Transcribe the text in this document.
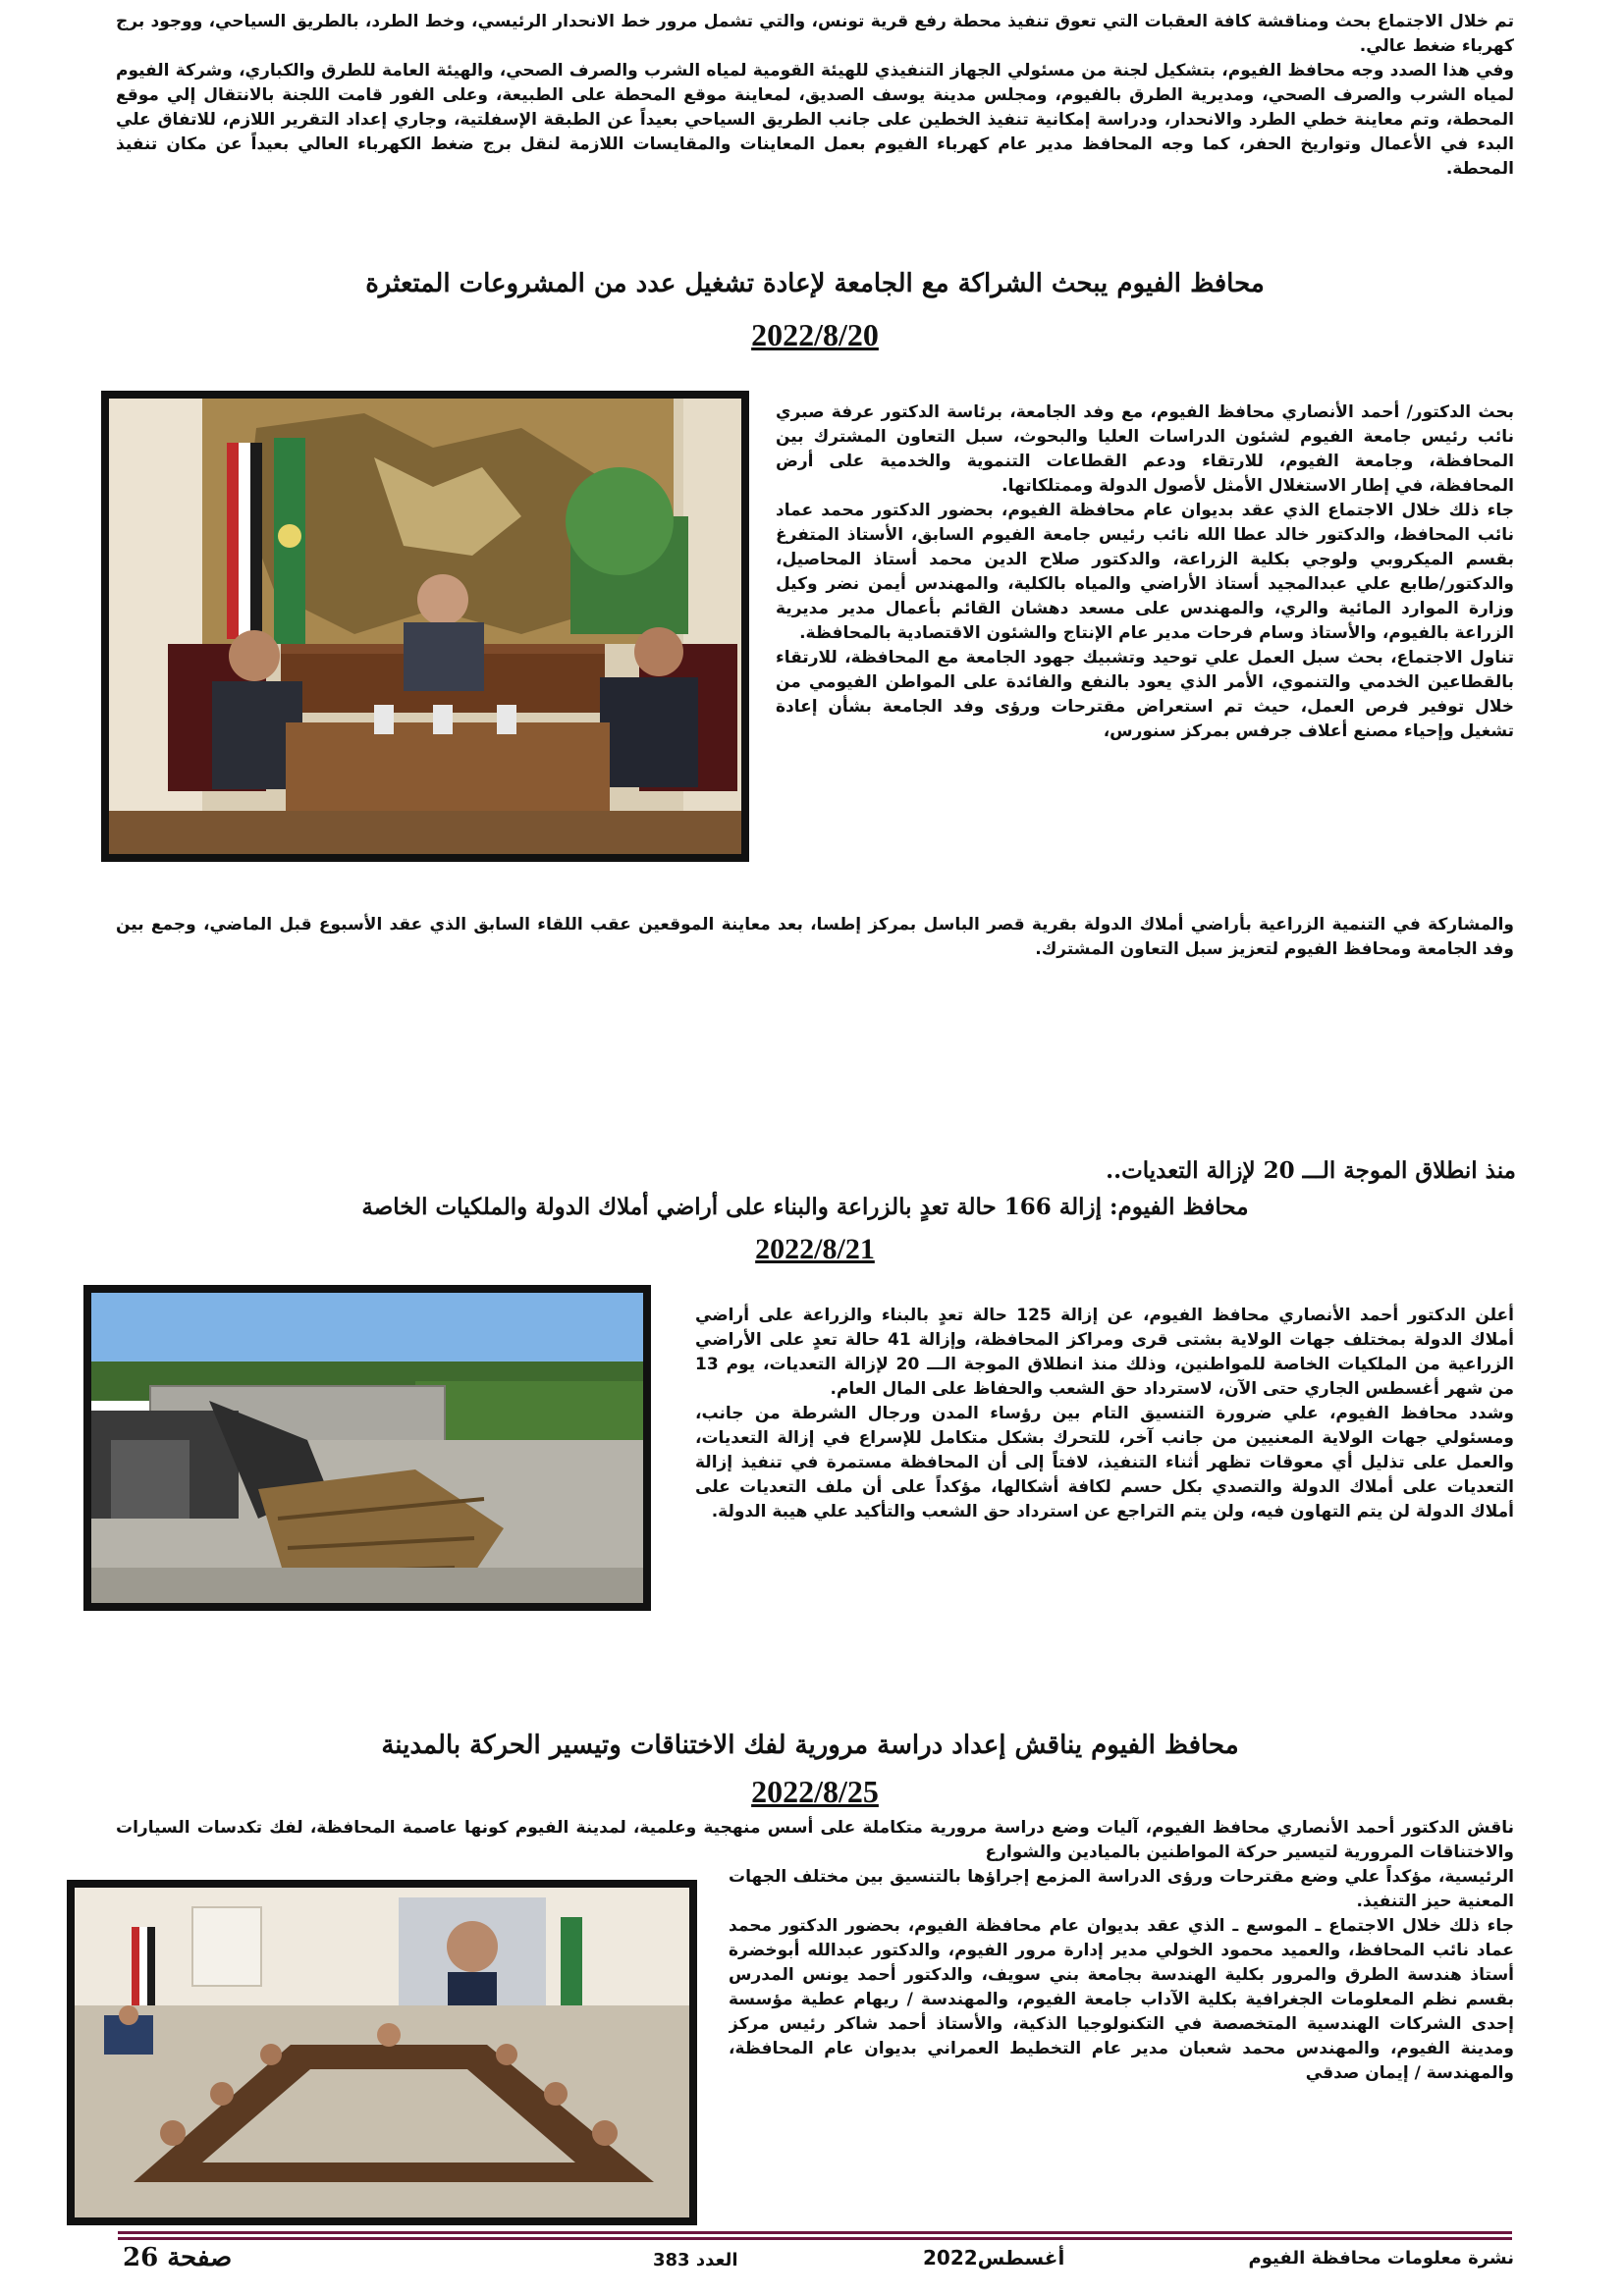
تم خلال الاجتماع بحث ومناقشة كافة العقبات التي تعوق تنفيذ محطة رفع قرية تونس، والتي تشمل مرور خط الانحدار الرئيسي، وخط الطرد، بالطريق السياحي، ووجود برج كهرباء ضغط عالي.

وفي هذا الصدد وجه محافظ الفيوم، بتشكيل لجنة من مسئولي الجهاز التنفيذي للهيئة القومية لمياه الشرب والصرف الصحي، والهيئة العامة للطرق والكباري، وشركة الفيوم لمياه الشرب والصرف الصحي، ومديرية الطرق بالفيوم، ومجلس مدينة يوسف الصديق، لمعاينة موقع المحطة على الطبيعة، وعلى الفور قامت اللجنة بالانتقال إلي موقع المحطة، وتم معاينة خطي الطرد والانحدار، ودراسة إمكانية تنفيذ الخطين على جانب الطريق السياحي بعيداً عن الطبقة الإسفلتية، وجاري إعداد التقرير اللازم، للاتفاق علي البدء في الأعمال وتواريخ الحفر، كما وجه المحافظ مدير عام كهرباء الفيوم بعمل المعاينات والمقايسات اللازمة لنقل برج ضغط الكهرباء العالي بعيداً عن مكان تنفيذ المحطة.

محافظ الفيوم يبحث الشراكة مع الجامعة لإعادة تشغيل عدد من المشروعات المتعثرة
2022/8/20

بحث الدكتور/ أحمد الأنصاري محافظ الفيوم، مع وفد الجامعة، برئاسة الدكتور عرفة صبري نائب رئيس جامعة الفيوم لشئون الدراسات العليا والبحوث، سبل التعاون المشترك بين المحافظة، وجامعة الفيوم، للارتقاء ودعم القطاعات التنموية والخدمية على أرض المحافظة، في إطار الاستغلال الأمثل لأصول الدولة وممتلكاتها.

جاء ذلك خلال الاجتماع الذي عقد بديوان عام محافظة الفيوم، بحضور الدكتور محمد عماد نائب المحافظ، والدكتور خالد عطا الله نائب رئيس جامعة الفيوم السابق، الأستاذ المتفرغ بقسم الميكروبي ولوجي بكلية الزراعة، والدكتور صلاح الدين محمد أستاذ المحاصيل، والدكتور/طابع علي عبدالمجيد أستاذ الأراضي والمياه بالكلية، والمهندس أيمن نضر وكيل وزارة الموارد المائية والري، والمهندس على مسعد دهشان القائم بأعمال مدير مديرية الزراعة بالفيوم، والأستاذ وسام فرحات مدير عام الإنتاج والشئون الاقتصادية بالمحافظة.

تناول الاجتماع، بحث سبل العمل علي توحيد وتشبيك جهود الجامعة مع المحافظة، للارتقاء بالقطاعين الخدمي والتنموي، الأمر الذي يعود بالنفع والفائدة على المواطن الفيومي من خلال توفير فرص العمل، حيث تم استعراض مقترحات ورؤى وفد الجامعة بشأن إعادة تشغيل وإحياء مصنع أعلاف جرفس بمركز سنورس،

والمشاركة في التنمية الزراعية بأراضي أملاك الدولة بقرية قصر الباسل بمركز إطسا، بعد معاينة الموقعين عقب اللقاء السابق الذي عقد الأسبوع قبل الماضي، وجمع بين وفد الجامعة ومحافظ الفيوم لتعزيز سبل التعاون المشترك.

منذ انطلاق الموجة الـــ 20 لإزالة التعديات..
محافظ الفيوم: إزالة 166 حالة تعدٍ بالزراعة والبناء على أراضي أملاك الدولة والملكيات الخاصة
2022/8/21

أعلن الدكتور أحمد الأنصاري محافظ الفيوم، عن إزالة 125 حالة تعدٍ بالبناء والزراعة على أراضي أملاك الدولة بمختلف جهات الولاية بشتى قرى ومراكز المحافظة، وإزالة 41 حالة تعدٍ على الأراضي الزراعية من الملكيات الخاصة للمواطنين، وذلك منذ انطلاق الموجة الـــ 20 لإزالة التعديات، يوم 13 من شهر أغسطس الجاري حتى الآن، لاسترداد حق الشعب والحفاظ على المال العام.

وشدد محافظ الفيوم، علي ضرورة التنسيق التام بين رؤساء المدن ورجال الشرطة من جانب، ومسئولي جهات الولاية المعنيين من جانب آخر، للتحرك بشكل متكامل للإسراع في إزالة التعديات، والعمل على تذليل أي معوقات تظهر أثناء التنفيذ، لافتاً إلى أن المحافظة مستمرة في تنفيذ إزالة التعديات على أملاك الدولة والتصدي بكل حسم لكافة أشكالها، مؤكداً على أن ملف التعديات على أملاك الدولة لن يتم التهاون فيه، ولن يتم التراجع عن استرداد حق الشعب والتأكيد علي هيبة الدولة.

محافظ الفيوم يناقش إعداد دراسة مرورية لفك الاختناقات وتيسير الحركة بالمدينة
2022/8/25

ناقش الدكتور أحمد الأنصاري محافظ الفيوم، آليات وضع دراسة مرورية متكاملة على أسس منهجية وعلمية، لمدينة الفيوم كونها عاصمة المحافظة، لفك تكدسات السيارات والاختناقات المرورية لتيسير حركة المواطنين بالميادين والشوارع

الرئيسية، مؤكداً علي وضع مقترحات ورؤى الدراسة المزمع إجراؤها بالتنسيق بين مختلف الجهات المعنية حيز التنفيذ.

جاء ذلك خلال الاجتماع ـ الموسع ـ الذي عقد بديوان عام محافظة الفيوم، بحضور الدكتور محمد عماد نائب المحافظ، والعميد محمود الخولي مدير إدارة مرور الفيوم، والدكتور عبدالله أبوخضرة أستاذ هندسة الطرق والمرور بكلية الهندسة بجامعة بني سويف، والدكتور أحمد يونس المدرس بقسم نظم المعلومات الجغرافية بكلية الآداب جامعة الفيوم، والمهندسة / ريهام عطية مؤسسة إحدى الشركات الهندسية المتخصصة في التكنولوجيا الذكية، والأستاذ أحمد شاكر رئيس مركز ومدينة الفيوم، والمهندس محمد شعبان مدير عام التخطيط العمراني بديوان عام المحافظة، والمهندسة / إيمان صدقي

صفحة 26	العدد 383	أغسطس2022	نشرة معلومات محافظة الفيوم
